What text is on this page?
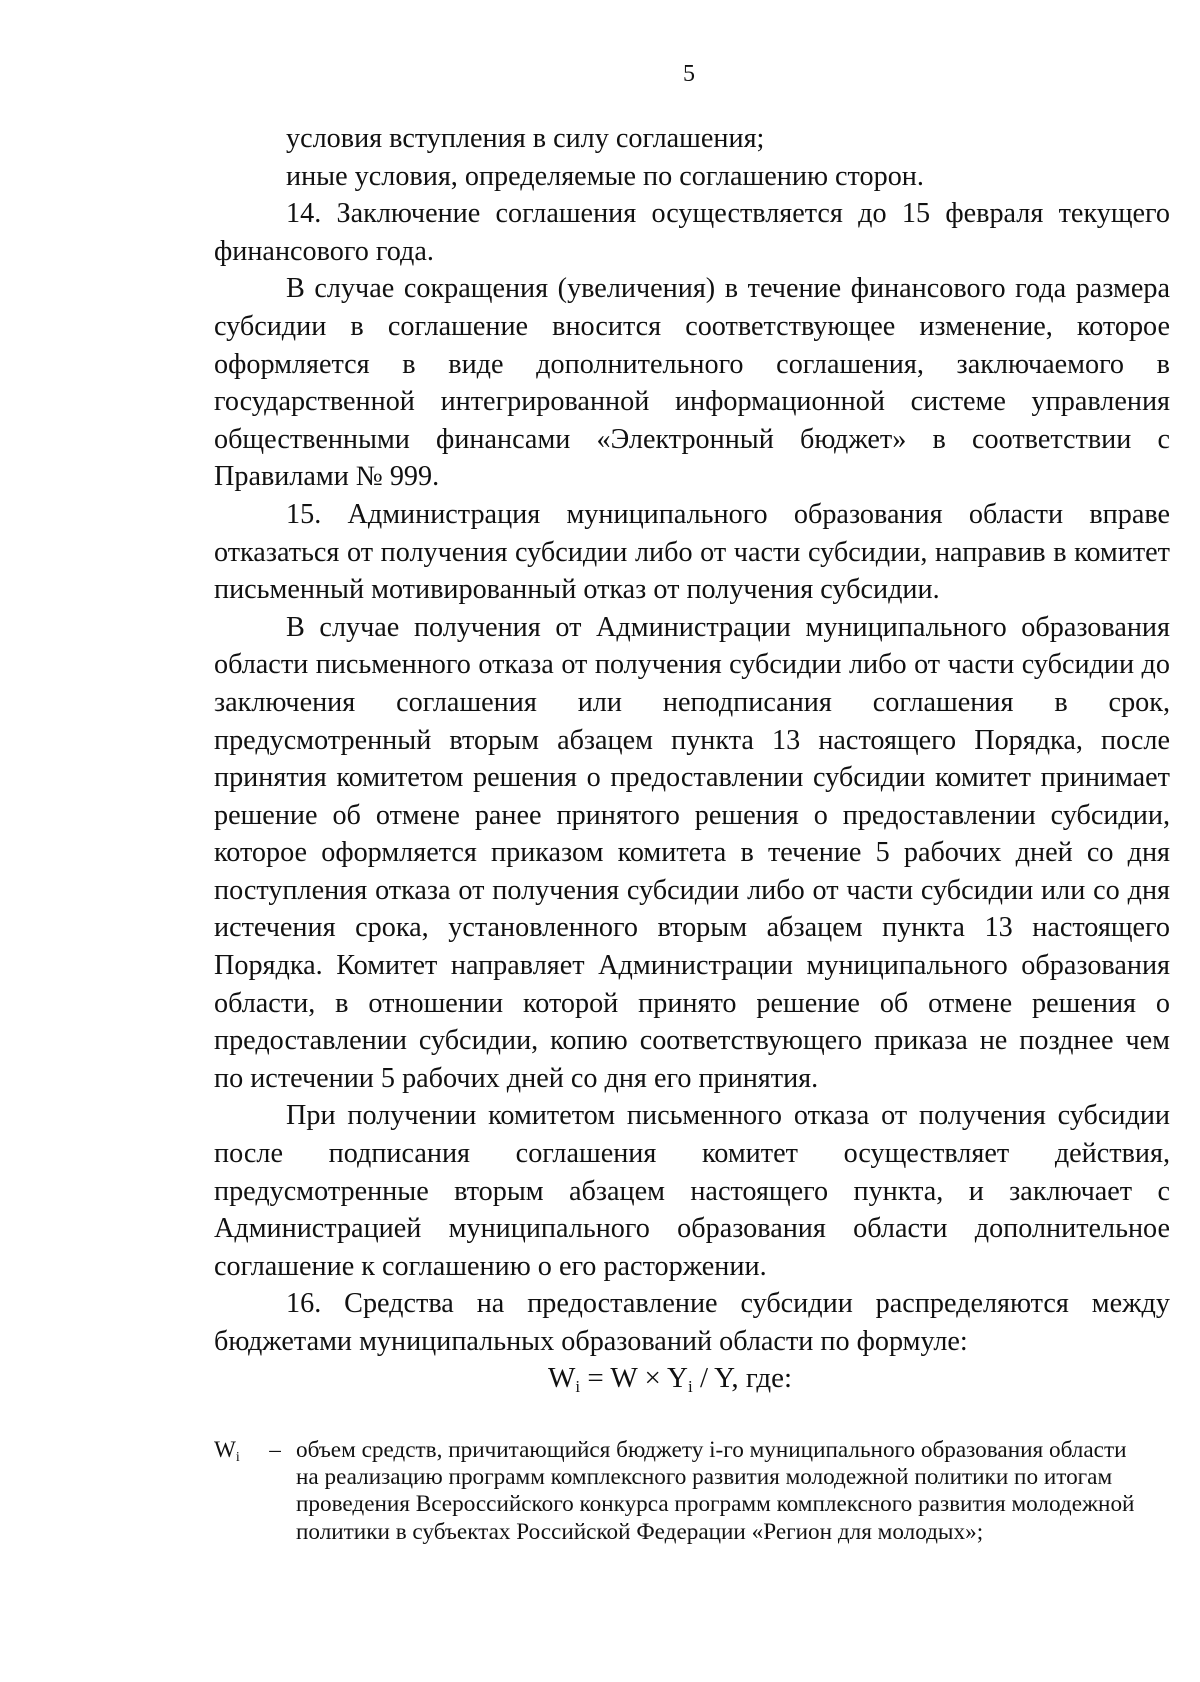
5

условия вступления в силу соглашения;

иные условия, определяемые по соглашению сторон.

14. Заключение соглашения осуществляется до 15 февраля текущего финансового года.

В случае сокращения (увеличения) в течение финансового года размера субсидии в соглашение вносится соответствующее изменение, которое оформляется в виде дополнительного соглашения, заключаемого в государственной интегрированной информационной системе управления общественными финансами «Электронный бюджет» в соответствии с Правилами № 999.

15. Администрация муниципального образования области вправе отказаться от получения субсидии либо от части субсидии, направив в комитет письменный мотивированный отказ от получения субсидии.

В случае получения от Администрации муниципального образования области письменного отказа от получения субсидии либо от части субсидии до заключения соглашения или неподписания соглашения в срок, предусмотренный вторым абзацем пункта 13 настоящего Порядка, после принятия комитетом решения о предоставлении субсидии комитет принимает решение об отмене ранее принятого решения о предоставлении субсидии, которое оформляется приказом комитета в течение 5 рабочих дней со дня поступления отказа от получения субсидии либо от части субсидии или со дня истечения срока, установленного вторым абзацем пункта 13 настоящего Порядка. Комитет направляет Администрации муниципального образования области, в отношении которой принято решение об отмене решения о предоставлении субсидии, копию соответствующего приказа не позднее чем по истечении 5 рабочих дней со дня его принятия.

При получении комитетом письменного отказа от получения субсидии после подписания соглашения комитет осуществляет действия, предусмотренные вторым абзацем настоящего пункта, и заключает с Администрацией муниципального образования области дополнительное соглашение к соглашению о его расторжении.

16. Средства на предоставление субсидии распределяются между бюджетами муниципальных образований области по формуле:

$W_i = W \times Y_i / Y$, где:
$W_i$	– объем средств, причитающийся бюджету i-го муниципального образования области на реализацию программ комплексного развития молодежной политики по итогам проведения Всероссийского конкурса программ комплексного развития молодежной политики в субъектах Российской Федерации «Регион для молодых»;
